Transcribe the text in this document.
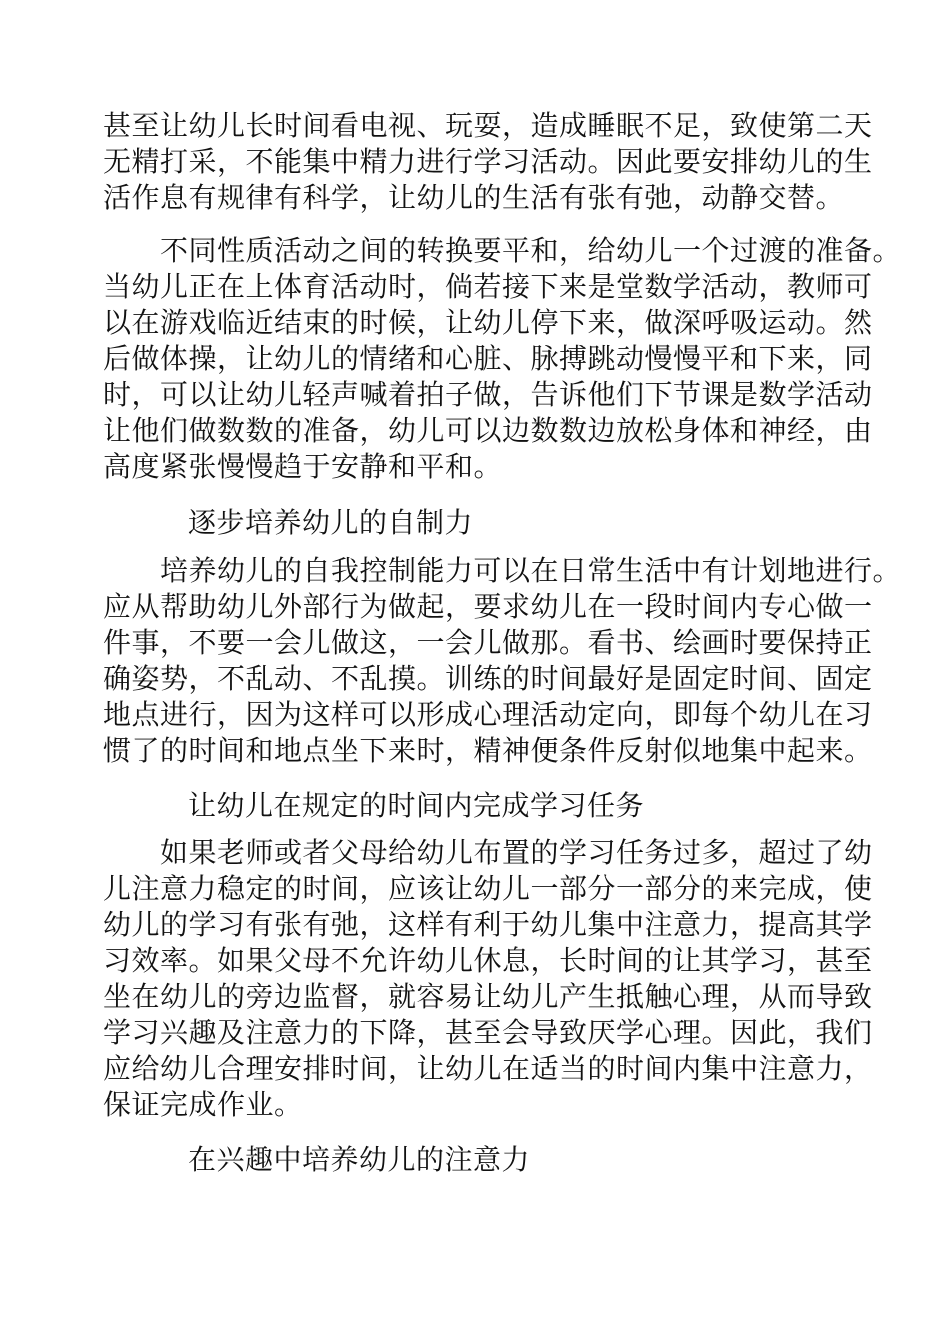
甚至让幼儿长时间看电视、玩耍，造成睡眠不足，致使第二天
无精打采，不能集中精力进行学习活动。因此要安排幼儿的生
活作息有规律有科学，让幼儿的生活有张有弛，动静交替。
不同性质活动之间的转换要平和，给幼儿一个过渡的准备。
当幼儿正在上体育活动时，倘若接下来是堂数学活动，教师可
以在游戏临近结束的时候，让幼儿停下来，做深呼吸运动。然
后做体操，让幼儿的情绪和心脏、脉搏跳动慢慢平和下来，同
时，可以让幼儿轻声喊着拍子做，告诉他们下节课是数学活动
让他们做数数的准备，幼儿可以边数数边放松身体和神经，由
高度紧张慢慢趋于安静和平和。
逐步培养幼儿的自制力
培养幼儿的自我控制能力可以在日常生活中有计划地进行。
应从帮助幼儿外部行为做起，要求幼儿在一段时间内专心做一
件事，不要一会儿做这，一会儿做那。看书、绘画时要保持正
确姿势，不乱动、不乱摸。训练的时间最好是固定时间、固定
地点进行，因为这样可以形成心理活动定向，即每个幼儿在习
惯了的时间和地点坐下来时，精神便条件反射似地集中起来。
让幼儿在规定的时间内完成学习任务
如果老师或者父母给幼儿布置的学习任务过多，超过了幼
儿注意力稳定的时间，应该让幼儿一部分一部分的来完成，使
幼儿的学习有张有弛，这样有利于幼儿集中注意力，提高其学
习效率。如果父母不允许幼儿休息，长时间的让其学习，甚至
坐在幼儿的旁边监督，就容易让幼儿产生抵触心理，从而导致
学习兴趣及注意力的下降，甚至会导致厌学心理。因此，我们
应给幼儿合理安排时间，让幼儿在适当的时间内集中注意力，
保证完成作业。
在兴趣中培养幼儿的注意力
